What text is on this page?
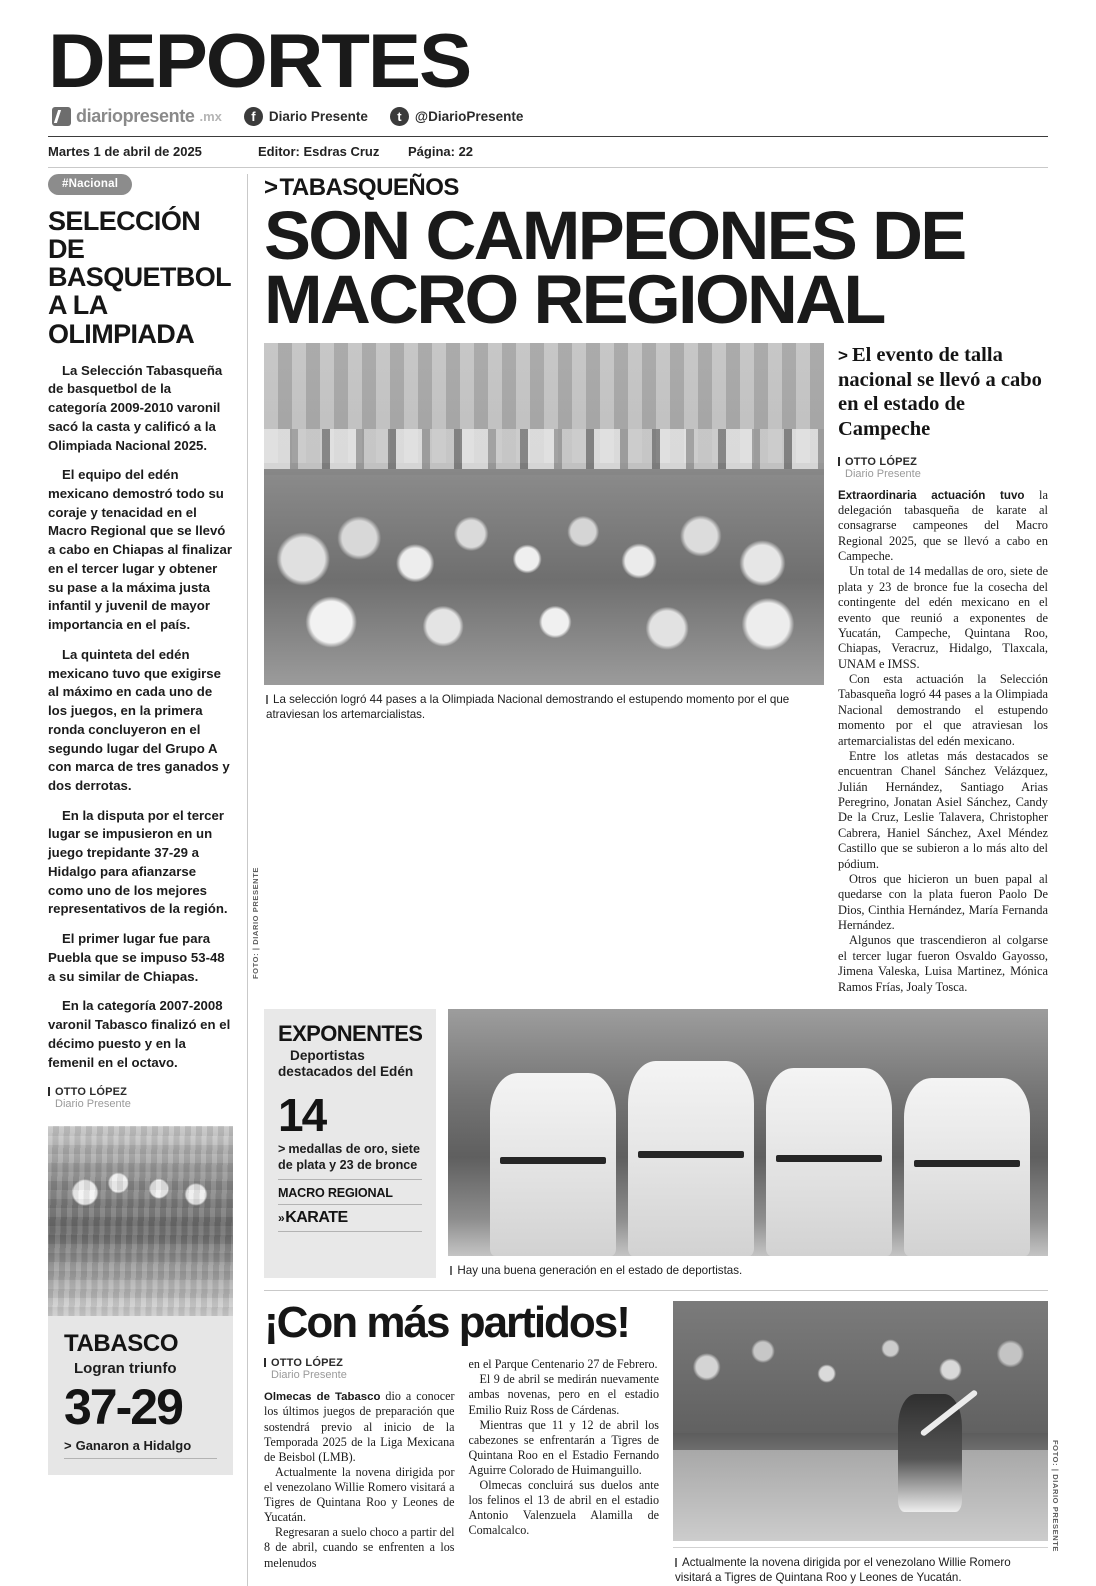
DEPORTES
diariopresente .mx	f Diario Presente	t @DiarioPresente
Martes 1 de abril de 2025	Editor: Esdras Cruz	Página: 22
#Nacional
SELECCIÓN DE BASQUETBOL A LA OLIMPIADA

La Selección Tabasqueña de basquetbol de la categoría 2009-2010 varonil sacó la casta y calificó a la Olimpiada Nacional 2025.

El equipo del edén mexicano demostró todo su coraje y tenacidad en el Macro Regional que se llevó a cabo en Chiapas al finalizar en el tercer lugar y obtener su pase a la máxima justa infantil y juvenil de mayor importancia en el país.

La quinteta del edén mexicano tuvo que exigirse al máximo en cada uno de los juegos, en la primera ronda concluyeron en el segundo lugar del Grupo A con marca de tres ganados y dos derrotas.

En la disputa por el tercer lugar se impusieron en un juego trepidante 37-29 a Hidalgo para afianzarse como uno de los mejores representativos de la región.

El primer lugar fue para Puebla que se impuso 53-48 a su similar de Chiapas.

En la categoría 2007-2008 varonil Tabasco finalizó en el décimo puesto y en la femenil en el octavo.

OTTO LÓPEZ
Diario Presente
TABASCO
Logran triunfo
37-29
> Ganaron a Hidalgo
>TABASQUEÑOS
SON CAMPEONES DE
MACRO REGIONAL
FOTO: | DIARIO PRESENTE
La selección logró 44 pases a la Olimpiada Nacional demostrando el estupendo momento por el que atraviesan los artemarcialistas.
> El evento de talla nacional se llevó a cabo en el estado de Campeche
OTTO LÓPEZ
Diario Presente

Extraordinaria actuación tuvo la delegación tabasqueña de karate al consagrarse campeones del Macro Regional 2025, que se llevó a cabo en Campeche.

Un total de 14 medallas de oro, siete de plata y 23 de bronce fue la cosecha del contingente del edén mexicano en el evento que reunió a exponentes de Yucatán, Campeche, Quintana Roo, Chiapas, Veracruz, Hidalgo, Tlaxcala, UNAM e IMSS.

Con esta actuación la Selección Tabasqueña logró 44 pases a la Olimpiada Nacional demostrando el estupendo momento por el que atraviesan los artemarcialistas del edén mexicano.

Entre los atletas más destacados se encuentran Chanel Sánchez Velázquez, Julián Hernández, Santiago Arias Peregrino, Jonatan Asiel Sánchez, Candy De la Cruz, Leslie Talavera, Christopher Cabrera, Haniel Sánchez, Axel Méndez Castillo que se subieron a lo más alto del pódium.

Otros que hicieron un buen papal al quedarse con la plata fueron Paolo De Dios, Cinthia Hernández, María Fernanda Hernández.

Algunos que trascendieron al colgarse el tercer lugar fueron Osvaldo Gayosso, Jimena Valeska, Luisa Martinez, Mónica Ramos Frías, Joaly Tosca.

EXPONENTES
Deportistas
destacados del Edén
14
> medallas de oro, siete de plata y 23 de bronce
MACRO REGIONAL
»KARATE
Hay una buena generación en el estado de deportistas.
¡Con más partidos!
OTTO LÓPEZ
Diario Presente

Olmecas de Tabasco dio a conocer los últimos juegos de preparación que sostendrá previo al inicio de la Temporada 2025 de la Liga Mexicana de Beisbol (LMB).

Actualmente la novena dirigida por el venezolano Willie Romero visitará a Tigres de Quintana Roo y Leones de Yucatán.

Regresaran a suelo choco a partir del 8 de abril, cuando se enfrenten a los melenudos

en el Parque Centenario 27 de Febrero.

El 9 de abril se medirán nuevamente ambas novenas, pero en el estadio Emilio Ruiz Ross de Cárdenas.

Mientras que 11 y 12 de abril los cabezones se enfrentarán a Tigres de Quintana Roo en el Estadio Fernando Aguirre Colorado de Huimanguillo.

Olmecas concluirá sus duelos ante los felinos el 13 de abril en el estadio Antonio Valenzuela Alamilla de Comalcalco.	FOTO: | DIARIO PRESENTE
Actualmente la novena dirigida por el venezolano Willie Romero visitará a Tigres de Quintana Roo y Leones de Yucatán.
